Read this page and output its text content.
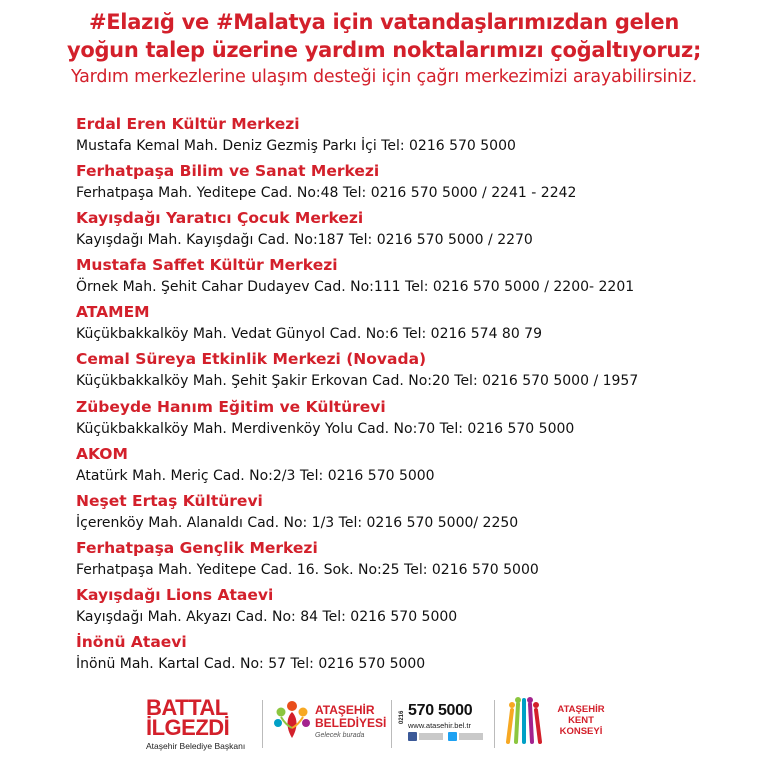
#Elazığ ve #Malatya için vatandaşlarımızdan gelen
yoğun talep üzerine yardım noktalarımızı çoğaltıyoruz;
Yardım merkezlerine ulaşım desteği için çağrı merkezimizi arayabilirsiniz.
Erdal Eren Kültür Merkezi
Mustafa Kemal Mah. Deniz Gezmiş Parkı İçi Tel: 0216 570 5000
Ferhatpaşa Bilim ve Sanat Merkezi
Ferhatpaşa Mah. Yeditepe Cad. No:48 Tel: 0216 570 5000 / 2241 - 2242
Kayışdağı Yaratıcı Çocuk Merkezi
Kayışdağı Mah. Kayışdağı Cad. No:187 Tel: 0216 570 5000 / 2270
Mustafa Saffet Kültür Merkezi
Örnek Mah. Şehit Cahar Dudayev Cad. No:111 Tel: 0216 570 5000 / 2200- 2201
ATAMEM
Küçükbakkalköy Mah. Vedat Günyol Cad. No:6 Tel: 0216 574 80 79
Cemal Süreya Etkinlik Merkezi (Novada)
Küçükbakkalköy Mah. Şehit Şakir Erkovan Cad. No:20 Tel: 0216 570 5000 / 1957
Zübeyde Hanım Eğitim ve Kültürevi
Küçükbakkalköy Mah. Merdivenköy Yolu Cad. No:70 Tel: 0216 570 5000
AKOM
Atatürk Mah. Meriç Cad. No:2/3 Tel: 0216 570 5000
Neşet Ertaş Kültürevi
İçerenköy Mah. Alanaldı Cad. No: 1/3 Tel: 0216 570 5000/ 2250
Ferhatpaşa Gençlik Merkezi
Ferhatpaşa Mah. Yeditepe Cad. 16. Sok. No:25 Tel: 0216 570 5000
Kayışdağı Lions Ataevi
Kayışdağı Mah. Akyazı Cad. No: 84 Tel: 0216 570 5000
İnönü Ataevi
İnönü Mah. Kartal Cad. No: 57 Tel: 0216 570 5000
BATTAL
İLGEZDİ
Ataşehir Belediye Başkanı
ATAŞEHİR
BELEDİYESİ
Gelecek burada
0216 570 5000
www.atasehir.bel.tr
ATAŞEHİR
KENT
KONSEYİ
